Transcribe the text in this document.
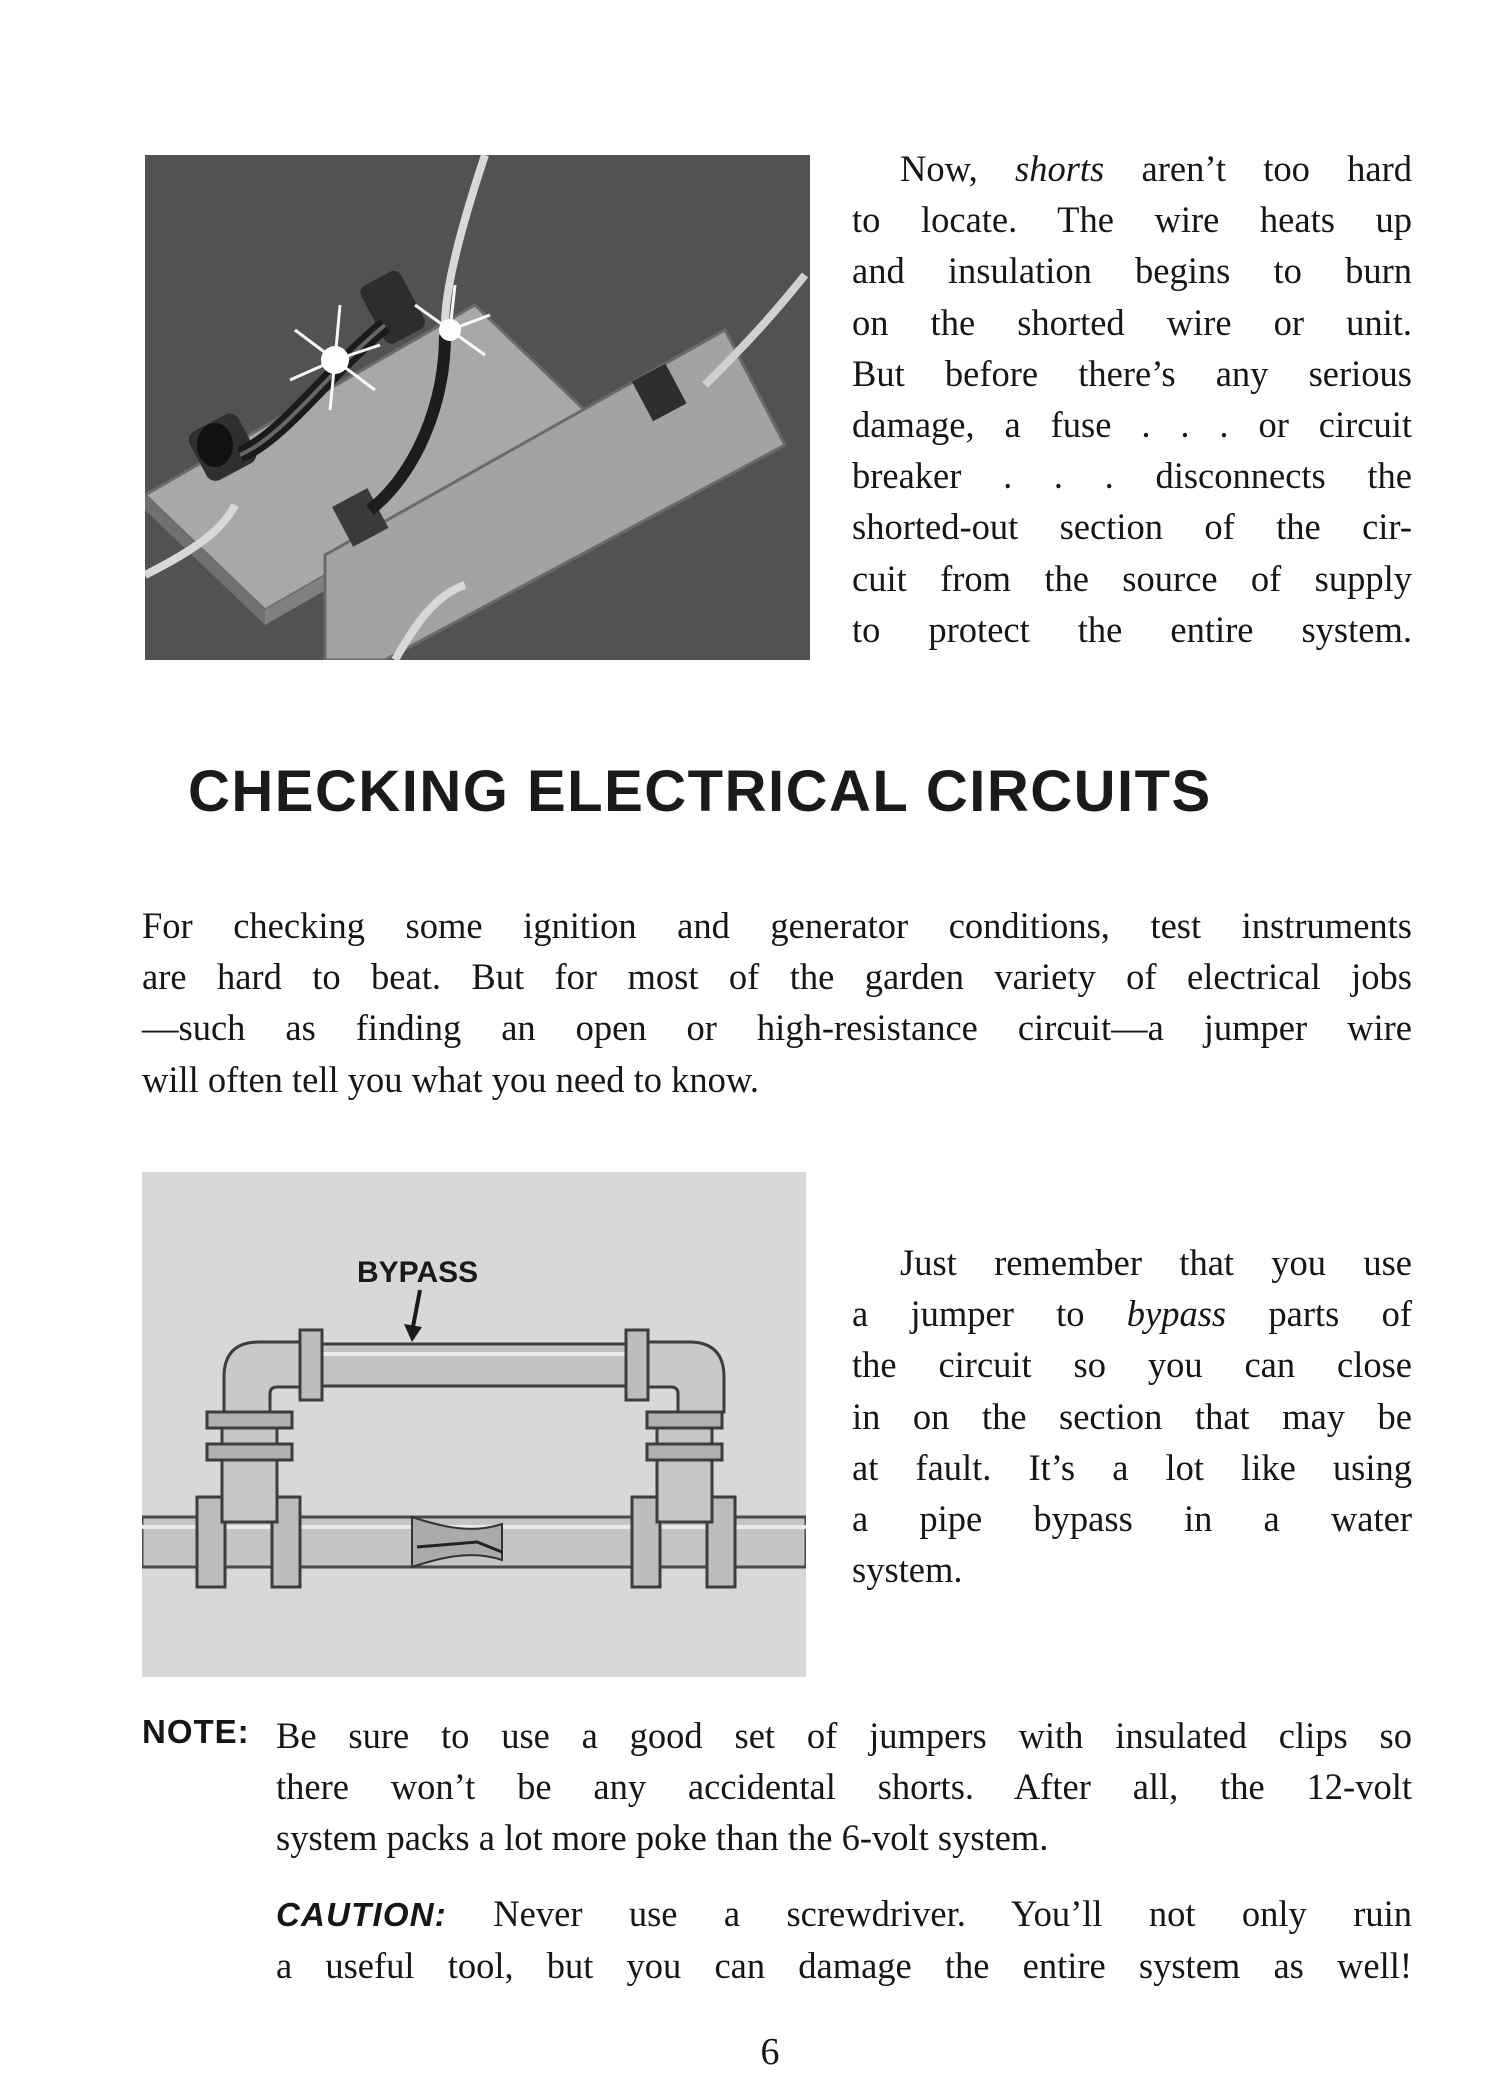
Now, shorts aren’t too hard
to locate. The wire heats up
and insulation begins to burn
on the shorted wire or unit.
But before there’s any serious
damage, a fuse . . . or circuit
breaker . . . disconnects the
shorted-out section of the cir-
cuit from the source of supply
to protect the entire system.
CHECKING ELECTRICAL CIRCUITS
For checking some ignition and generator conditions, test instruments
are hard to beat. But for most of the garden variety of electrical jobs
—such as finding an open or high-resistance circuit—a jumper wire
will often tell you what you need to know.
BYPASS	Just remember that you use
a jumper to bypass parts of
the circuit so you can close
in on the section that may be
at fault. It’s a lot like using
a pipe bypass in a water
system.
NOTE: Be sure to use a good set of jumpers with insulated clips so
there won’t be any accidental shorts. After all, the 12-volt
system packs a lot more poke than the 6-volt system.
CAUTION: Never use a screwdriver. You’ll not only ruin
a useful tool, but you can damage the entire system as well!
6
